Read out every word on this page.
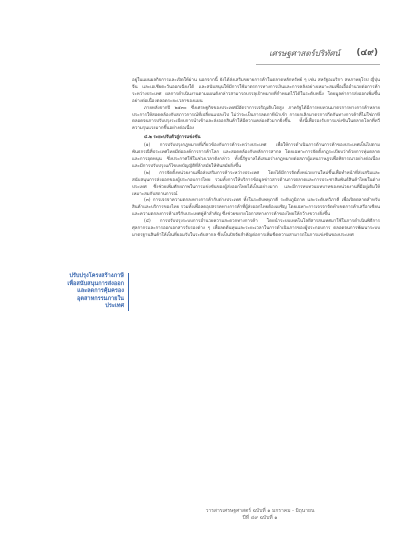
เศรษฐศาสตร์ปริทัศน์ (๔๙)

อยู่ในแผนผลกิจการและเปิดให้ผ่าน นอกจากนี้ ยังได้ส่งเสริมขยายการค้าในตลาดหลักทรัพย์ ๆ เช่น สหรัฐอเมริกา สหภาพยุโรป ญี่ปุ่น จีน และเอเชียตะวันออกเฉียงใต้ และสนับสนุนให้มีการใช้มาตรการทางการเงินและการคลังอย่างเหมาะสมเพื่อเอื้ออำนวยต่อการค้าระหว่างประเทศ ผลการดำเนินงานตามแผนดังกล่าวสามารถบรรลุเป้าหมายที่กำหนดไว้ได้ในระดับหนึ่ง โดยมูลค่าการส่งออกเพิ่มขึ้นอย่างต่อเนื่องตลอดระยะเวลาของแผน

ภายหลังจากปี ๒๕๓๐ ซึ่งเศรษฐกิจของประเทศมีอัตราการเจริญเติบโตสูง ภาครัฐได้มีการทบทวนมาตรการทางการค้าหลายประการให้สอดคล้องกับสภาวการณ์ที่เปลี่ยนแปลงไป ไม่ว่าจะเป็นการลดภาษีนำเข้า การยกเลิกมาตรการกีดกันทางการค้าที่ไม่ใช่ภาษี ตลอดจนการปรับปรุงระเบียบการนำเข้าและส่งออกสินค้าให้มีความคล่องตัวมากยิ่งขึ้น ทั้งนี้เพื่อรองรับการแข่งขันในตลาดโลกที่ทวีความรุนแรงมากขึ้นอย่างต่อเนื่อง

๔.๒ ระยะปรับตัวสู่การแข่งขัน

(๑) การปรับปรุงกฎหมายที่เกี่ยวข้องกับการค้าระหว่างประเทศ เพื่อให้การดำเนินการด้านการค้าของประเทศเป็นไปตามพันธกรณีที่ประเทศไทยมีต่อองค์การการค้าโลก และสอดคล้องกับหลักการสากล โดยเฉพาะการจัดตั้งกฎระเบียบว่าด้วยการทุ่มตลาดและการอุดหนุน ซึ่งประกาศใช้ในช่วงเวลาดังกล่าว ทั้งนี้รัฐบาลได้เสนอร่างกฎหมายต่อสภาผู้แทนราษฎรเพื่อพิจารณาอย่างต่อเนื่อง และมีการปรับปรุงแก้ไขบทบัญญัติที่ล้าสมัยให้ทันสมัยยิ่งขึ้น

(๒) การจัดตั้งหน่วยงานเพื่อส่งเสริมการค้าระหว่างประเทศ โดยได้มีการจัดตั้งหน่วยงานใหม่ขึ้นเพื่อทำหน้าที่ส่งเสริมและสนับสนุนการส่งออกของผู้ประกอบการไทย รวมทั้งการให้บริการข้อมูลข่าวสารด้านการตลาดและการประชาสัมพันธ์สินค้าไทยในต่างประเทศ ซึ่งช่วยเพิ่มศักยภาพในการแข่งขันของผู้ส่งออกไทยได้เป็นอย่างมาก และมีการทบทวนบทบาทของหน่วยงานที่มีอยู่เดิมให้เหมาะสมกับสถานการณ์

(๓) การเจรจาความตกลงทางการค้ากับต่างประเทศ ทั้งในระดับพหุภาคี ระดับภูมิภาค และระดับทวิภาคี เพื่อเปิดตลาดสำหรับสินค้าและบริการของไทย รวมทั้งเพื่อลดอุปสรรคทางการค้าที่ผู้ส่งออกไทยต้องเผชิญ โดยเฉพาะการเจรจาจัดทำเขตการค้าเสรีอาเซียนและความตกลงการค้าเสรีกับประเทศคู่ค้าสำคัญ ซึ่งช่วยขยายโอกาสทางการค้าของไทยให้กว้างขวางยิ่งขึ้น

(๔) การปรับปรุงระบบการอำนวยความสะดวกทางการค้า โดยนำระบบเทคโนโลยีสารสนเทศมาใช้ในการดำเนินพิธีการศุลกากรและการออกเอกสารรับรองต่าง ๆ เพื่อลดต้นทุนและระยะเวลาในการดำเนินการของผู้ประกอบการ ตลอดจนการพัฒนาระบบมาตรฐานสินค้าให้เป็นที่ยอมรับในระดับสากล ซึ่งเป็นปัจจัยสำคัญต่อการเพิ่มขีดความสามารถในการแข่งขันของประเทศ

ปรับปรุงโครงสร้างภาษีเพื่อสนับสนุนการส่งออก และลดการคุ้มครองอุตสาหกรรมภายในประเทศ
วารสารเศรษฐศาสตร์ ฉบับที่ ๑ มกราคม - มิถุนายน
ปีที่ ๔๙ ฉบับที่ ๑
